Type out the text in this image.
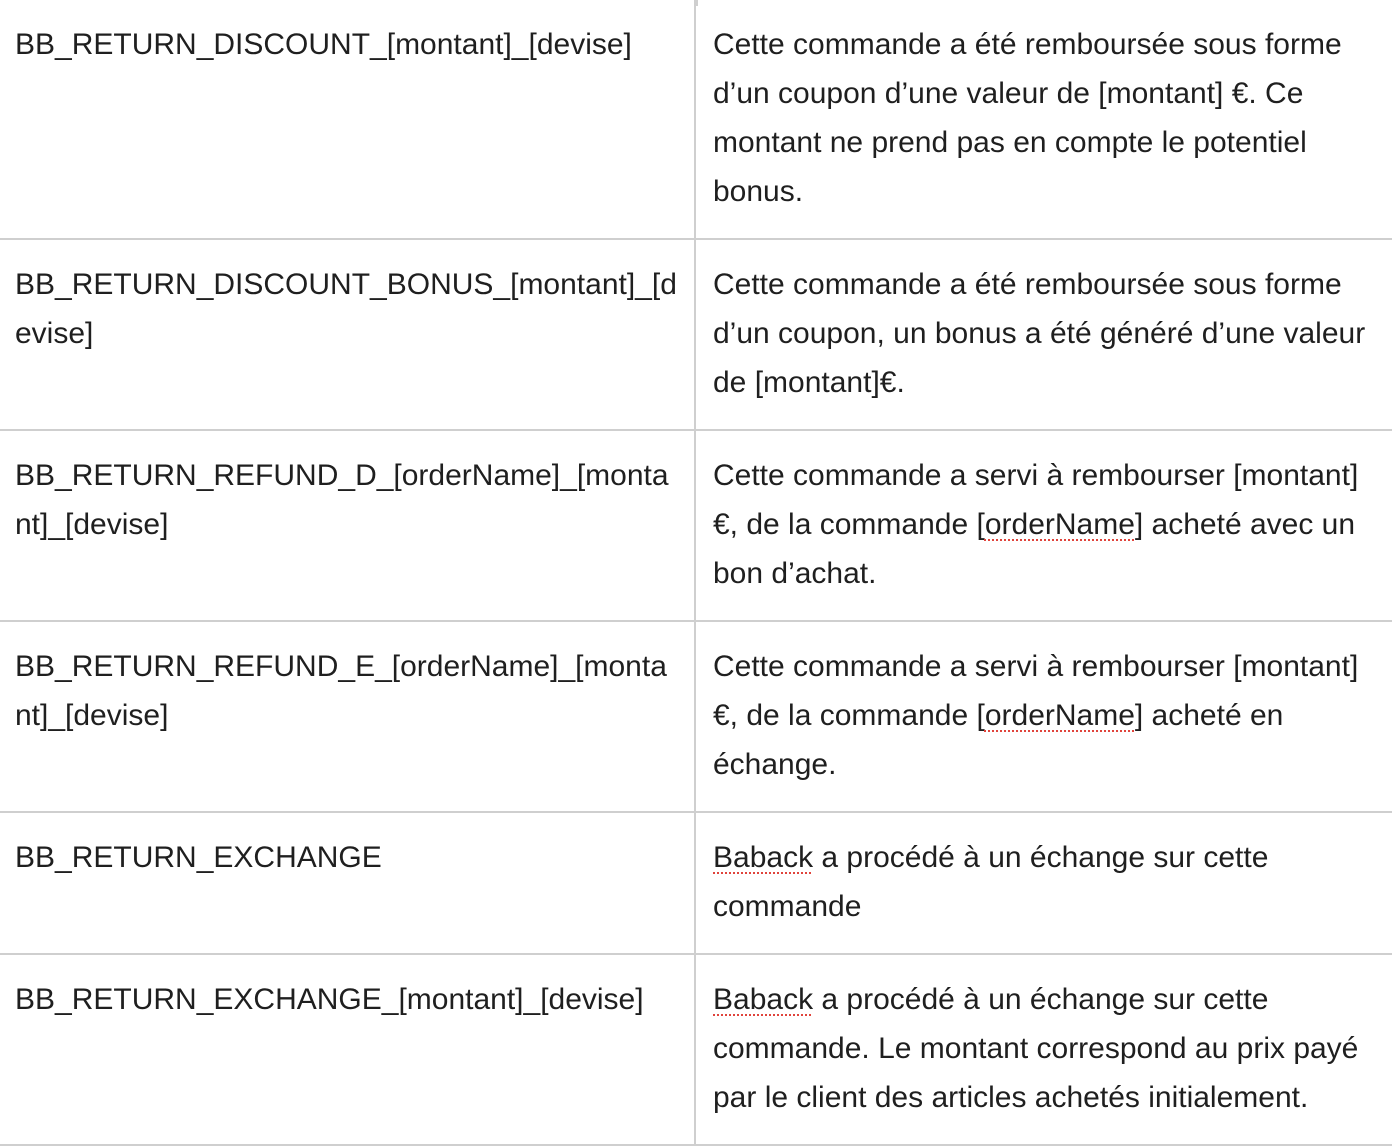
BB_RETURN_DISCOUNT_[montant]_[devise]	Cette commande a été remboursée sous forme d’un coupon d’une valeur de [montant] €. Ce montant ne prend pas en compte le potentiel bonus.
BB_RETURN_DISCOUNT_BONUS_[montant]_[devise]	Cette commande a été remboursée sous forme d’un coupon, un bonus a été généré d’une valeur de [montant]€.
BB_RETURN_REFUND_D_[orderName]_[montant]_[devise]	Cette commande a servi à rembourser [montant]€, de la commande [orderName] acheté avec un bon d’achat.
BB_RETURN_REFUND_E_[orderName]_[montant]_[devise]	Cette commande a servi à rembourser [montant]€, de la commande [orderName] acheté en échange.
BB_RETURN_EXCHANGE	Baback a procédé à un échange sur cette commande
BB_RETURN_EXCHANGE_[montant]_[devise]	Baback a procédé à un échange sur cette commande. Le montant correspond au prix payé par le client des articles achetés initialement.
